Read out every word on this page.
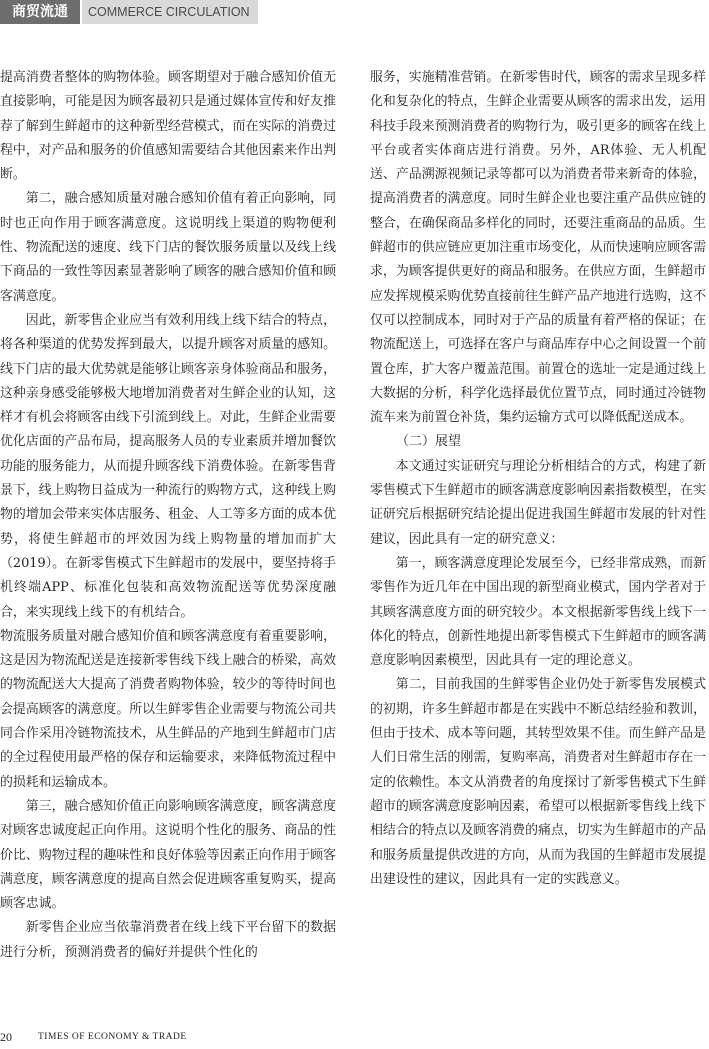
商贸流通	COMMERCE CIRCULATION

提高消费者整体的购物体验。顾客期望对于融合感知价值无直接影响，可能是因为顾客最初只是通过媒体宣传和好友推荐了解到生鲜超市的这种新型经营模式，而在实际的消费过程中，对产品和服务的价值感知需要结合其他因素来作出判断。

第二，融合感知质量对融合感知价值有着正向影响，同时也正向作用于顾客满意度。这说明线上渠道的购物便利性、物流配送的速度、线下门店的餐饮服务质量以及线上线下商品的一致性等因素显著影响了顾客的融合感知价值和顾客满意度。

因此，新零售企业应当有效利用线上线下结合的特点，将各种渠道的优势发挥到最大，以提升顾客对质量的感知。线下门店的最大优势就是能够让顾客亲身体验商品和服务，这种亲身感受能够极大地增加消费者对生鲜企业的认知，这样才有机会将顾客由线下引流到线上。对此，生鲜企业需要优化店面的产品布局，提高服务人员的专业素质并增加餐饮功能的服务能力，从而提升顾客线下消费体验。在新零售背景下，线上购物日益成为一种流行的购物方式，这种线上购物的增加会带来实体店服务、租金、人工等多方面的成本优势，将使生鲜超市的坪效因为线上购物量的增加而扩大（2019）。在新零售模式下生鲜超市的发展中，要坚持将手机终端APP、标准化包装和高效物流配送等优势深度融合，来实现线上线下的有机结合。

物流服务质量对融合感知价值和顾客满意度有着重要影响，这是因为物流配送是连接新零售线下线上融合的桥梁，高效的物流配送大大提高了消费者购物体验，较少的等待时间也会提高顾客的满意度。所以生鲜零售企业需要与物流公司共同合作采用冷链物流技术，从生鲜品的产地到生鲜超市门店的全过程使用最严格的保存和运输要求，来降低物流过程中的损耗和运输成本。

第三，融合感知价值正向影响顾客满意度，顾客满意度对顾客忠诚度起正向作用。这说明个性化的服务、商品的性价比、购物过程的趣味性和良好体验等因素正向作用于顾客满意度，顾客满意度的提高自然会促进顾客重复购买，提高顾客忠诚。

新零售企业应当依靠消费者在线上线下平台留下的数据进行分析，预测消费者的偏好并提供个性化的

服务，实施精准营销。在新零售时代，顾客的需求呈现多样化和复杂化的特点，生鲜企业需要从顾客的需求出发，运用科技手段来预测消费者的购物行为，吸引更多的顾客在线上平台或者实体商店进行消费。另外，AR体验、无人机配送、产品溯源视频记录等都可以为消费者带来新奇的体验，提高消费者的满意度。同时生鲜企业也要注重产品供应链的整合，在确保商品多样化的同时，还要注重商品的品质。生鲜超市的供应链应更加注重市场变化，从而快速响应顾客需求，为顾客提供更好的商品和服务。在供应方面，生鲜超市应发挥规模采购优势直接前往生鲜产品产地进行选购，这不仅可以控制成本，同时对于产品的质量有着严格的保证；在物流配送上，可选择在客户与商品库存中心之间设置一个前置仓库，扩大客户覆盖范围。前置仓的选址一定是通过线上大数据的分析，科学化选择最优位置节点，同时通过冷链物流车来为前置仓补货，集约运输方式可以降低配送成本。

（二）展望

本文通过实证研究与理论分析相结合的方式，构建了新零售模式下生鲜超市的顾客满意度影响因素指数模型，在实证研究后根据研究结论提出促进我国生鲜超市发展的针对性建议，因此具有一定的研究意义：

第一，顾客满意度理论发展至今，已经非常成熟，而新零售作为近几年在中国出现的新型商业模式，国内学者对于其顾客满意度方面的研究较少。本文根据新零售线上线下一体化的特点，创新性地提出新零售模式下生鲜超市的顾客满意度影响因素模型，因此具有一定的理论意义。

第二，目前我国的生鲜零售企业仍处于新零售发展模式的初期，许多生鲜超市都是在实践中不断总结经验和教训，但由于技术、成本等问题，其转型效果不佳。而生鲜产品是人们日常生活的刚需，复购率高，消费者对生鲜超市存在一定的依赖性。本文从消费者的角度探讨了新零售模式下生鲜超市的顾客满意度影响因素，希望可以根据新零售线上线下相结合的特点以及顾客消费的痛点，切实为生鲜超市的产品和服务质量提供改进的方向，从而为我国的生鲜超市发展提出建设性的建议，因此具有一定的实践意义。

20	TIMES OF ECONOMY & TRADE
